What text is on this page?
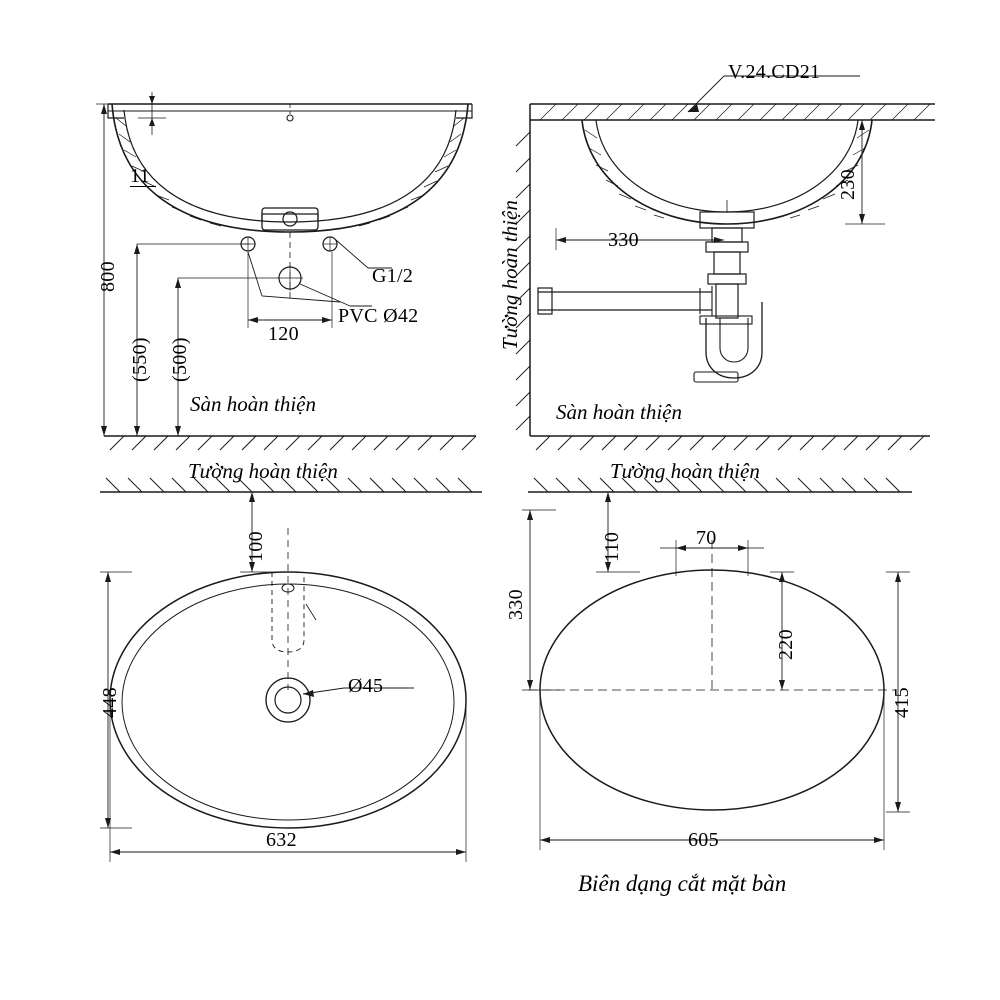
11
800
(550) (500)
120
G1/2
PVC Ø42
Sàn hoàn thiện
Tường hoàn thiện
V.24.CD21
230
330
Tường hoàn thiện
Sàn hoàn thiện
Tường hoàn thiện
100
448
632
Ø45
110	70
330
220
415
605
Biên dạng cắt mặt bàn
